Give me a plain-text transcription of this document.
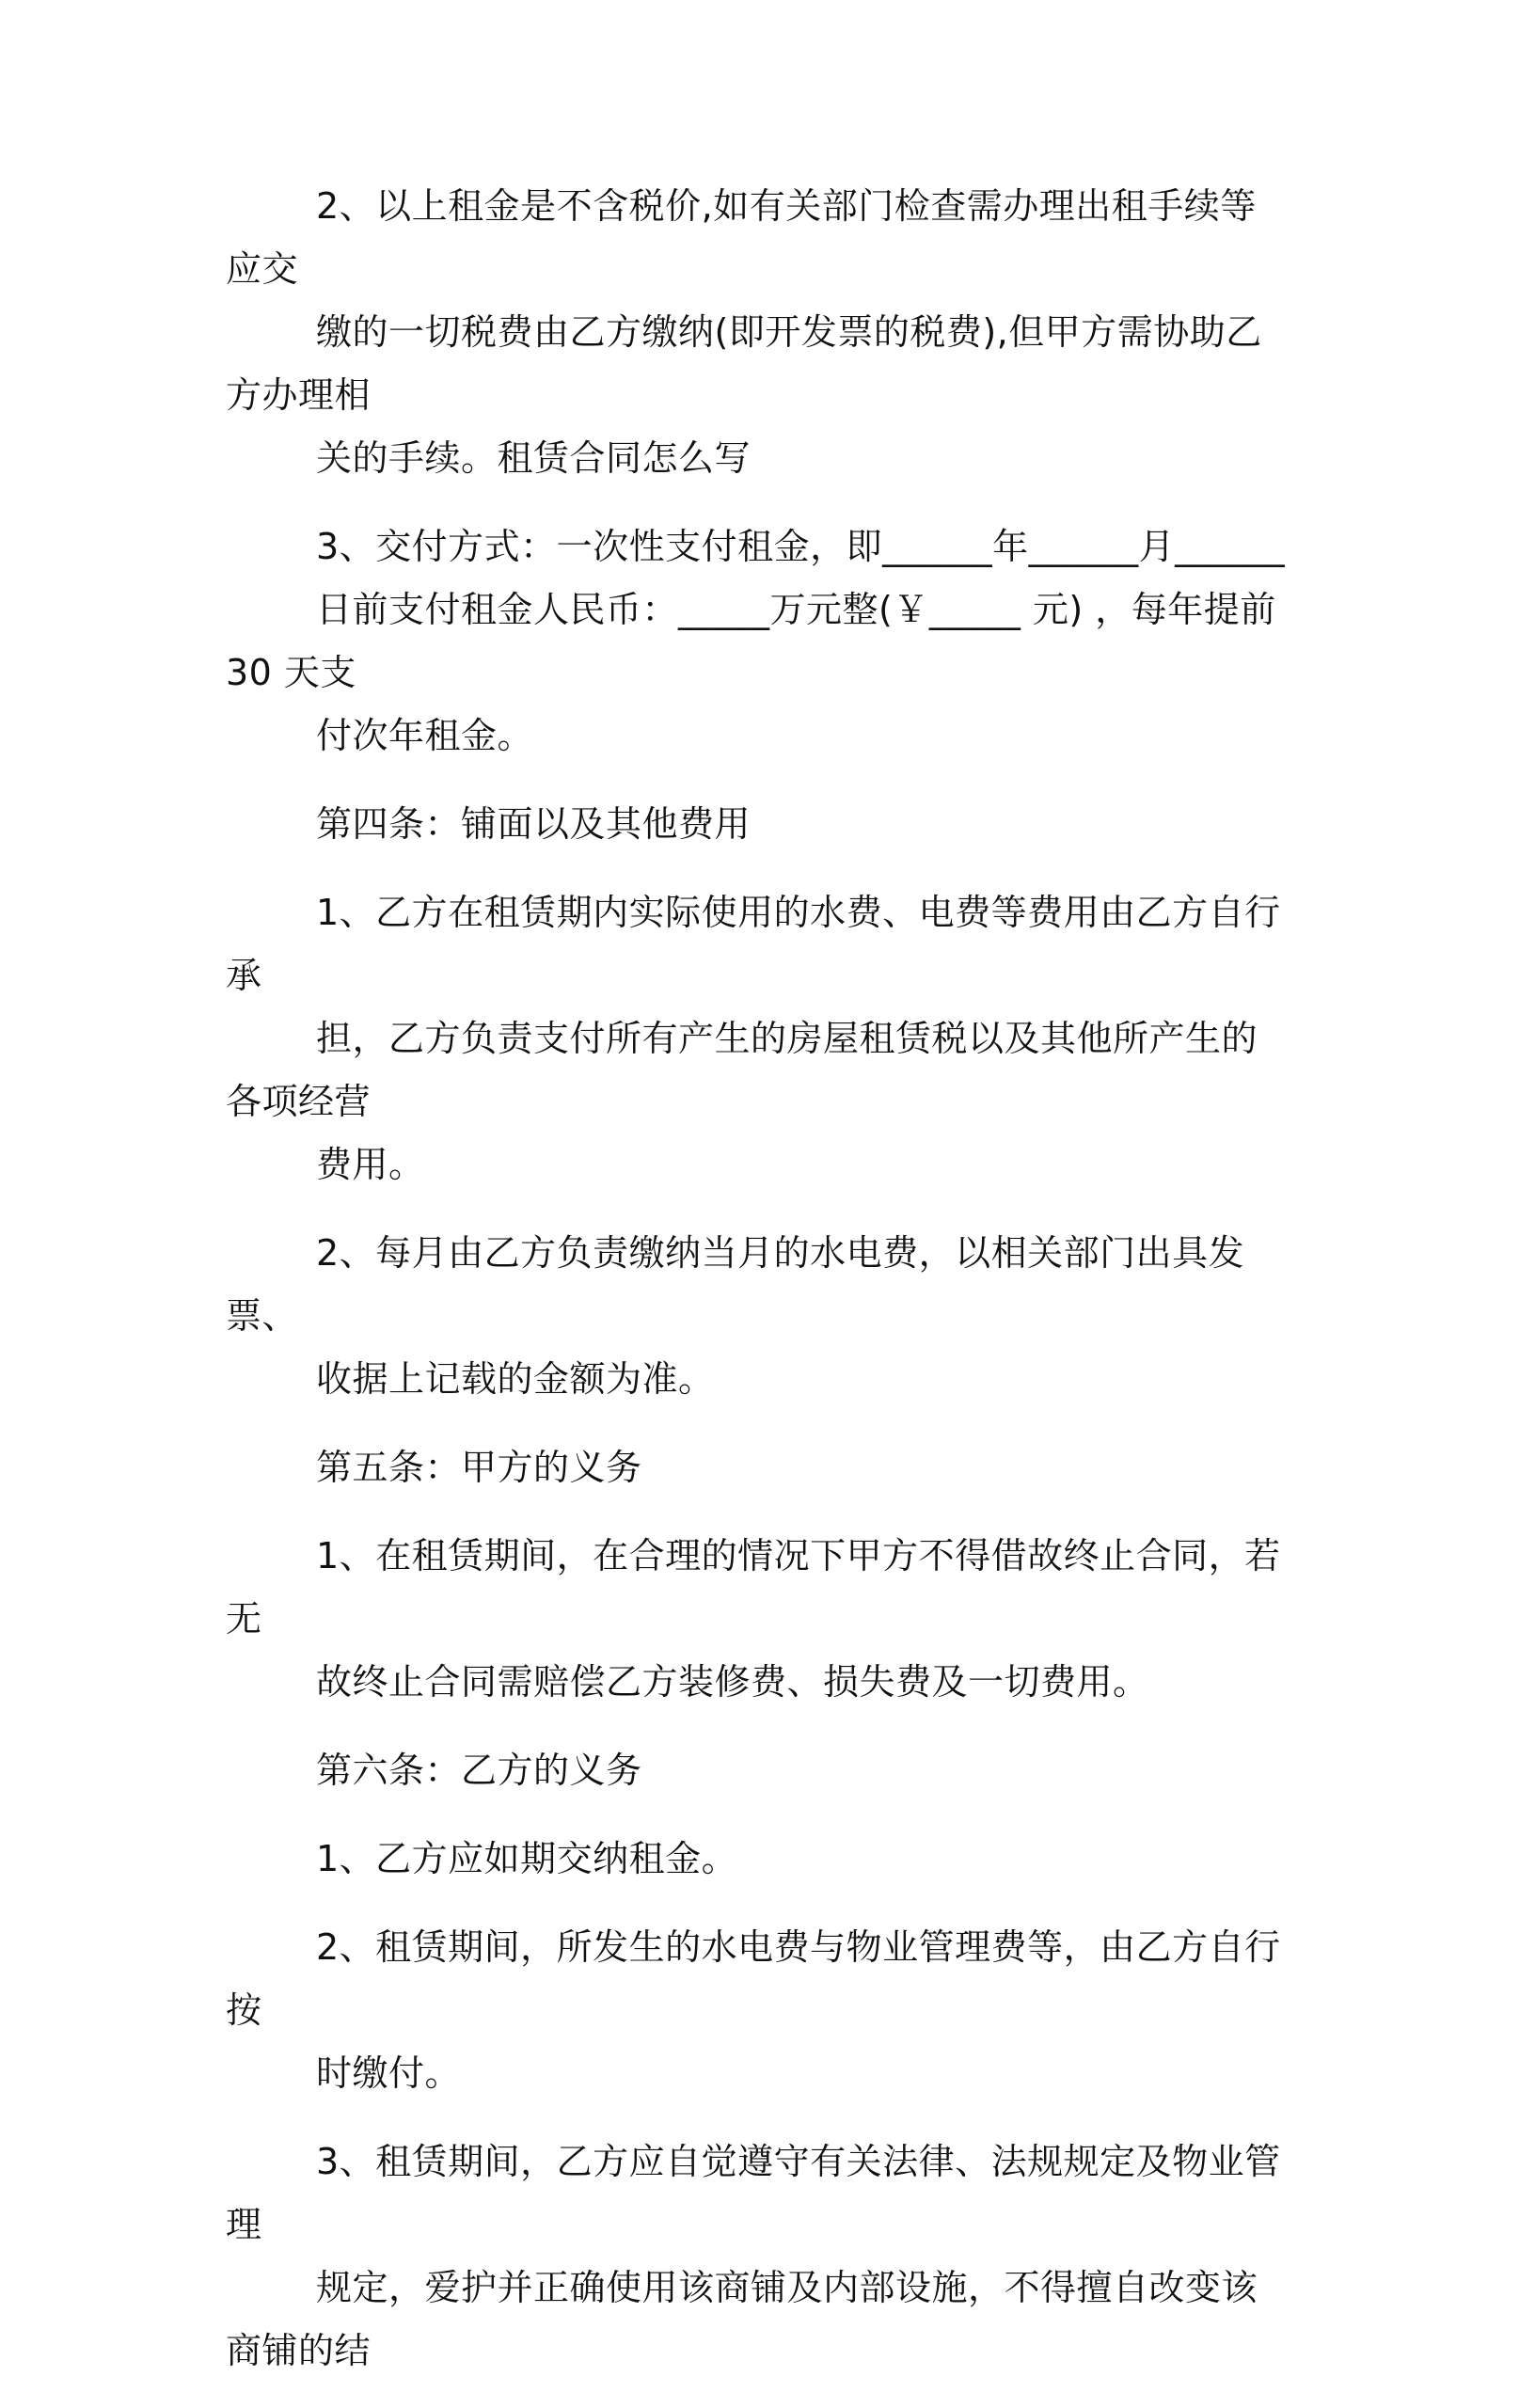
2、以上租金是不含税价,如有关部门检查需办理出租手续等应交
缴的一切税费由乙方缴纳(即开发票的税费),但甲方需协助乙方办理相
关的手续。租赁合同怎么写

3、交付方式：一次性支付租金，即______年______月______
日前支付租金人民币：_____万元整(￥_____ 元) ，每年提前 30 天支
付次年租金。

第四条：铺面以及其他费用

1、乙方在租赁期内实际使用的水费、电费等费用由乙方自行承
担，乙方负责支付所有产生的房屋租赁税以及其他所产生的各项经营
费用。

2、每月由乙方负责缴纳当月的水电费，以相关部门出具发票、
收据上记载的金额为准。

第五条：甲方的义务

1、在租赁期间，在合理的情况下甲方不得借故终止合同，若无
故终止合同需赔偿乙方装修费、损失费及一切费用。

第六条：乙方的义务

1、乙方应如期交纳租金。

2、租赁期间，所发生的水电费与物业管理费等，由乙方自行按
时缴付。

3、租赁期间，乙方应自觉遵守有关法律、法规规定及物业管理
规定，爱护并正确使用该商铺及内部设施，不得擅自改变该商铺的结
